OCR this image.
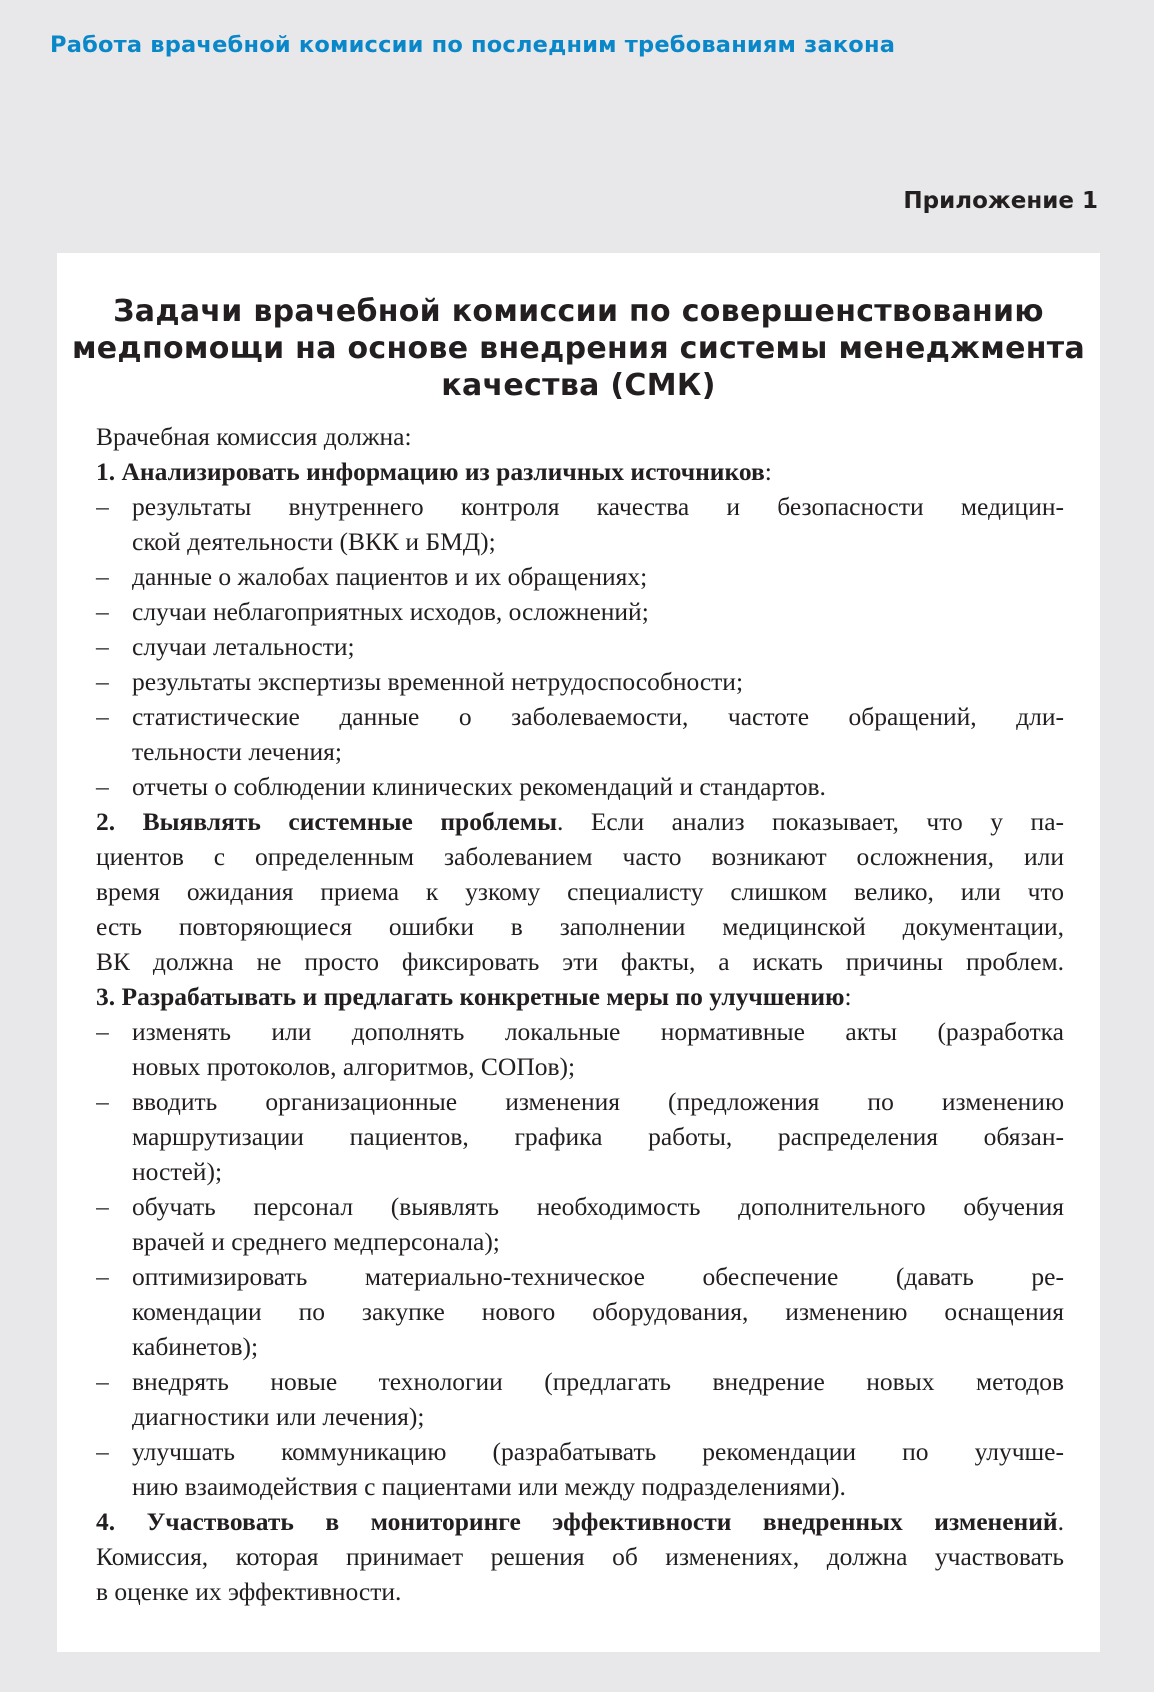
Работа врачебной комиссии по последним требованиям закона
Приложение 1
Задачи врачебной комиссии по совершенствованию
медпомощи на основе внедрения системы менеджмента
качества (СМК)
Врачебная комиссия должна:
1. Анализировать информацию из различных источников:
– результаты внутреннего контроля качества и безопасности медицин-
ской деятельности (ВКК и БМД);
– данные о жалобах пациентов и их обращениях;
– случаи неблагоприятных исходов, осложнений;
– случаи летальности;
– результаты экспертизы временной нетрудоспособности;
– статистические данные о заболеваемости, частоте обращений, дли-
тельности лечения;
– отчеты о соблюдении клинических рекомендаций и стандартов.
2. Выявлять системные проблемы. Если анализ показывает, что у па-
циентов с определенным заболеванием часто возникают осложнения, или
время ожидания приема к узкому специалисту слишком велико, или что
есть повторяющиеся ошибки в заполнении медицинской документации,
ВК должна не просто фиксировать эти факты, а искать причины проблем.
3. Разрабатывать и предлагать конкретные меры по улучшению:
– изменять или дополнять локальные нормативные акты (разработка
новых протоколов, алгоритмов, СОПов);
– вводить организационные изменения (предложения по изменению
маршрутизации пациентов, графика работы, распределения обязан-
ностей);
– обучать персонал (выявлять необходимость дополнительного обучения
врачей и среднего медперсонала);
– оптимизировать материально-техническое обеспечение (давать ре-
комендации по закупке нового оборудования, изменению оснащения
кабинетов);
– внедрять новые технологии (предлагать внедрение новых методов
диагностики или лечения);
– улучшать коммуникацию (разрабатывать рекомендации по улучше-
нию взаимодействия с пациентами или между подразделениями).
4. Участвовать в мониторинге эффективности внедренных изменений.
Комиссия, которая принимает решения об изменениях, должна участвовать
в оценке их эффективности.
